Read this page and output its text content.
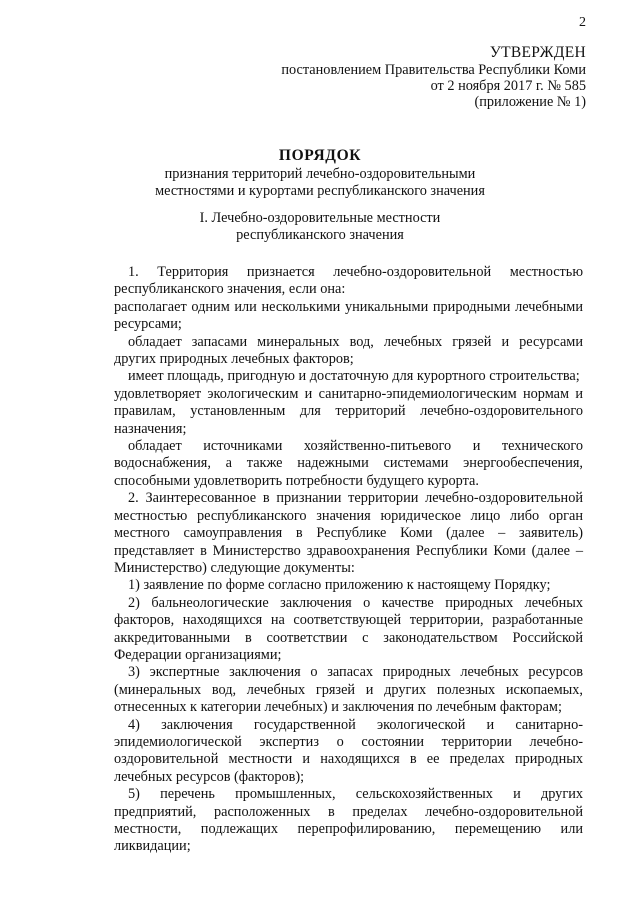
2
УТВЕРЖДЕН
постановлением Правительства Республики Коми
от 2 ноября 2017 г. № 585
(приложение № 1)
ПОРЯДОК
признания территорий лечебно-оздоровительными местностями и курортами республиканского значения
I. Лечебно-оздоровительные местности республиканского значения

1. Территория признается лечебно-оздоровительной местностью республиканского значения, если она:

располагает одним или несколькими уникальными природными лечебными ресурсами;

обладает запасами минеральных вод, лечебных грязей и ресурсами других природных лечебных факторов;

имеет площадь, пригодную и достаточную для курортного строительства;

удовлетворяет экологическим и санитарно-эпидемиологическим нормам и правилам, установленным для территорий лечебно-оздоровительного назначения;

обладает источниками хозяйственно-питьевого и технического водоснабжения, а также надежными системами энергообеспечения, способными удовлетворить потребности будущего курорта.

2. Заинтересованное в признании территории лечебно-оздоровительной местностью республиканского значения юридическое лицо либо орган местного самоуправления в Республике Коми (далее – заявитель) представляет в Министерство здравоохранения Республики Коми (далее – Министерство) следующие документы:

1) заявление по форме согласно приложению к настоящему Порядку;

2) бальнеологические заключения о качестве природных лечебных факторов, находящихся на соответствующей территории, разработанные аккредитованными в соответствии с законодательством Российской Федерации организациями;

3) экспертные заключения о запасах природных лечебных ресурсов (минеральных вод, лечебных грязей и других полезных ископаемых, отнесенных к категории лечебных) и заключения по лечебным факторам;

4) заключения государственной экологической и санитарно-эпидемиологической экспертиз о состоянии территории лечебно-оздоровительной местности и находящихся в ее пределах природных лечебных ресурсов (факторов);

5) перечень промышленных, сельскохозяйственных и других предприятий, расположенных в пределах лечебно-оздоровительной местности, подлежащих перепрофилированию, перемещению или ликвидации;
